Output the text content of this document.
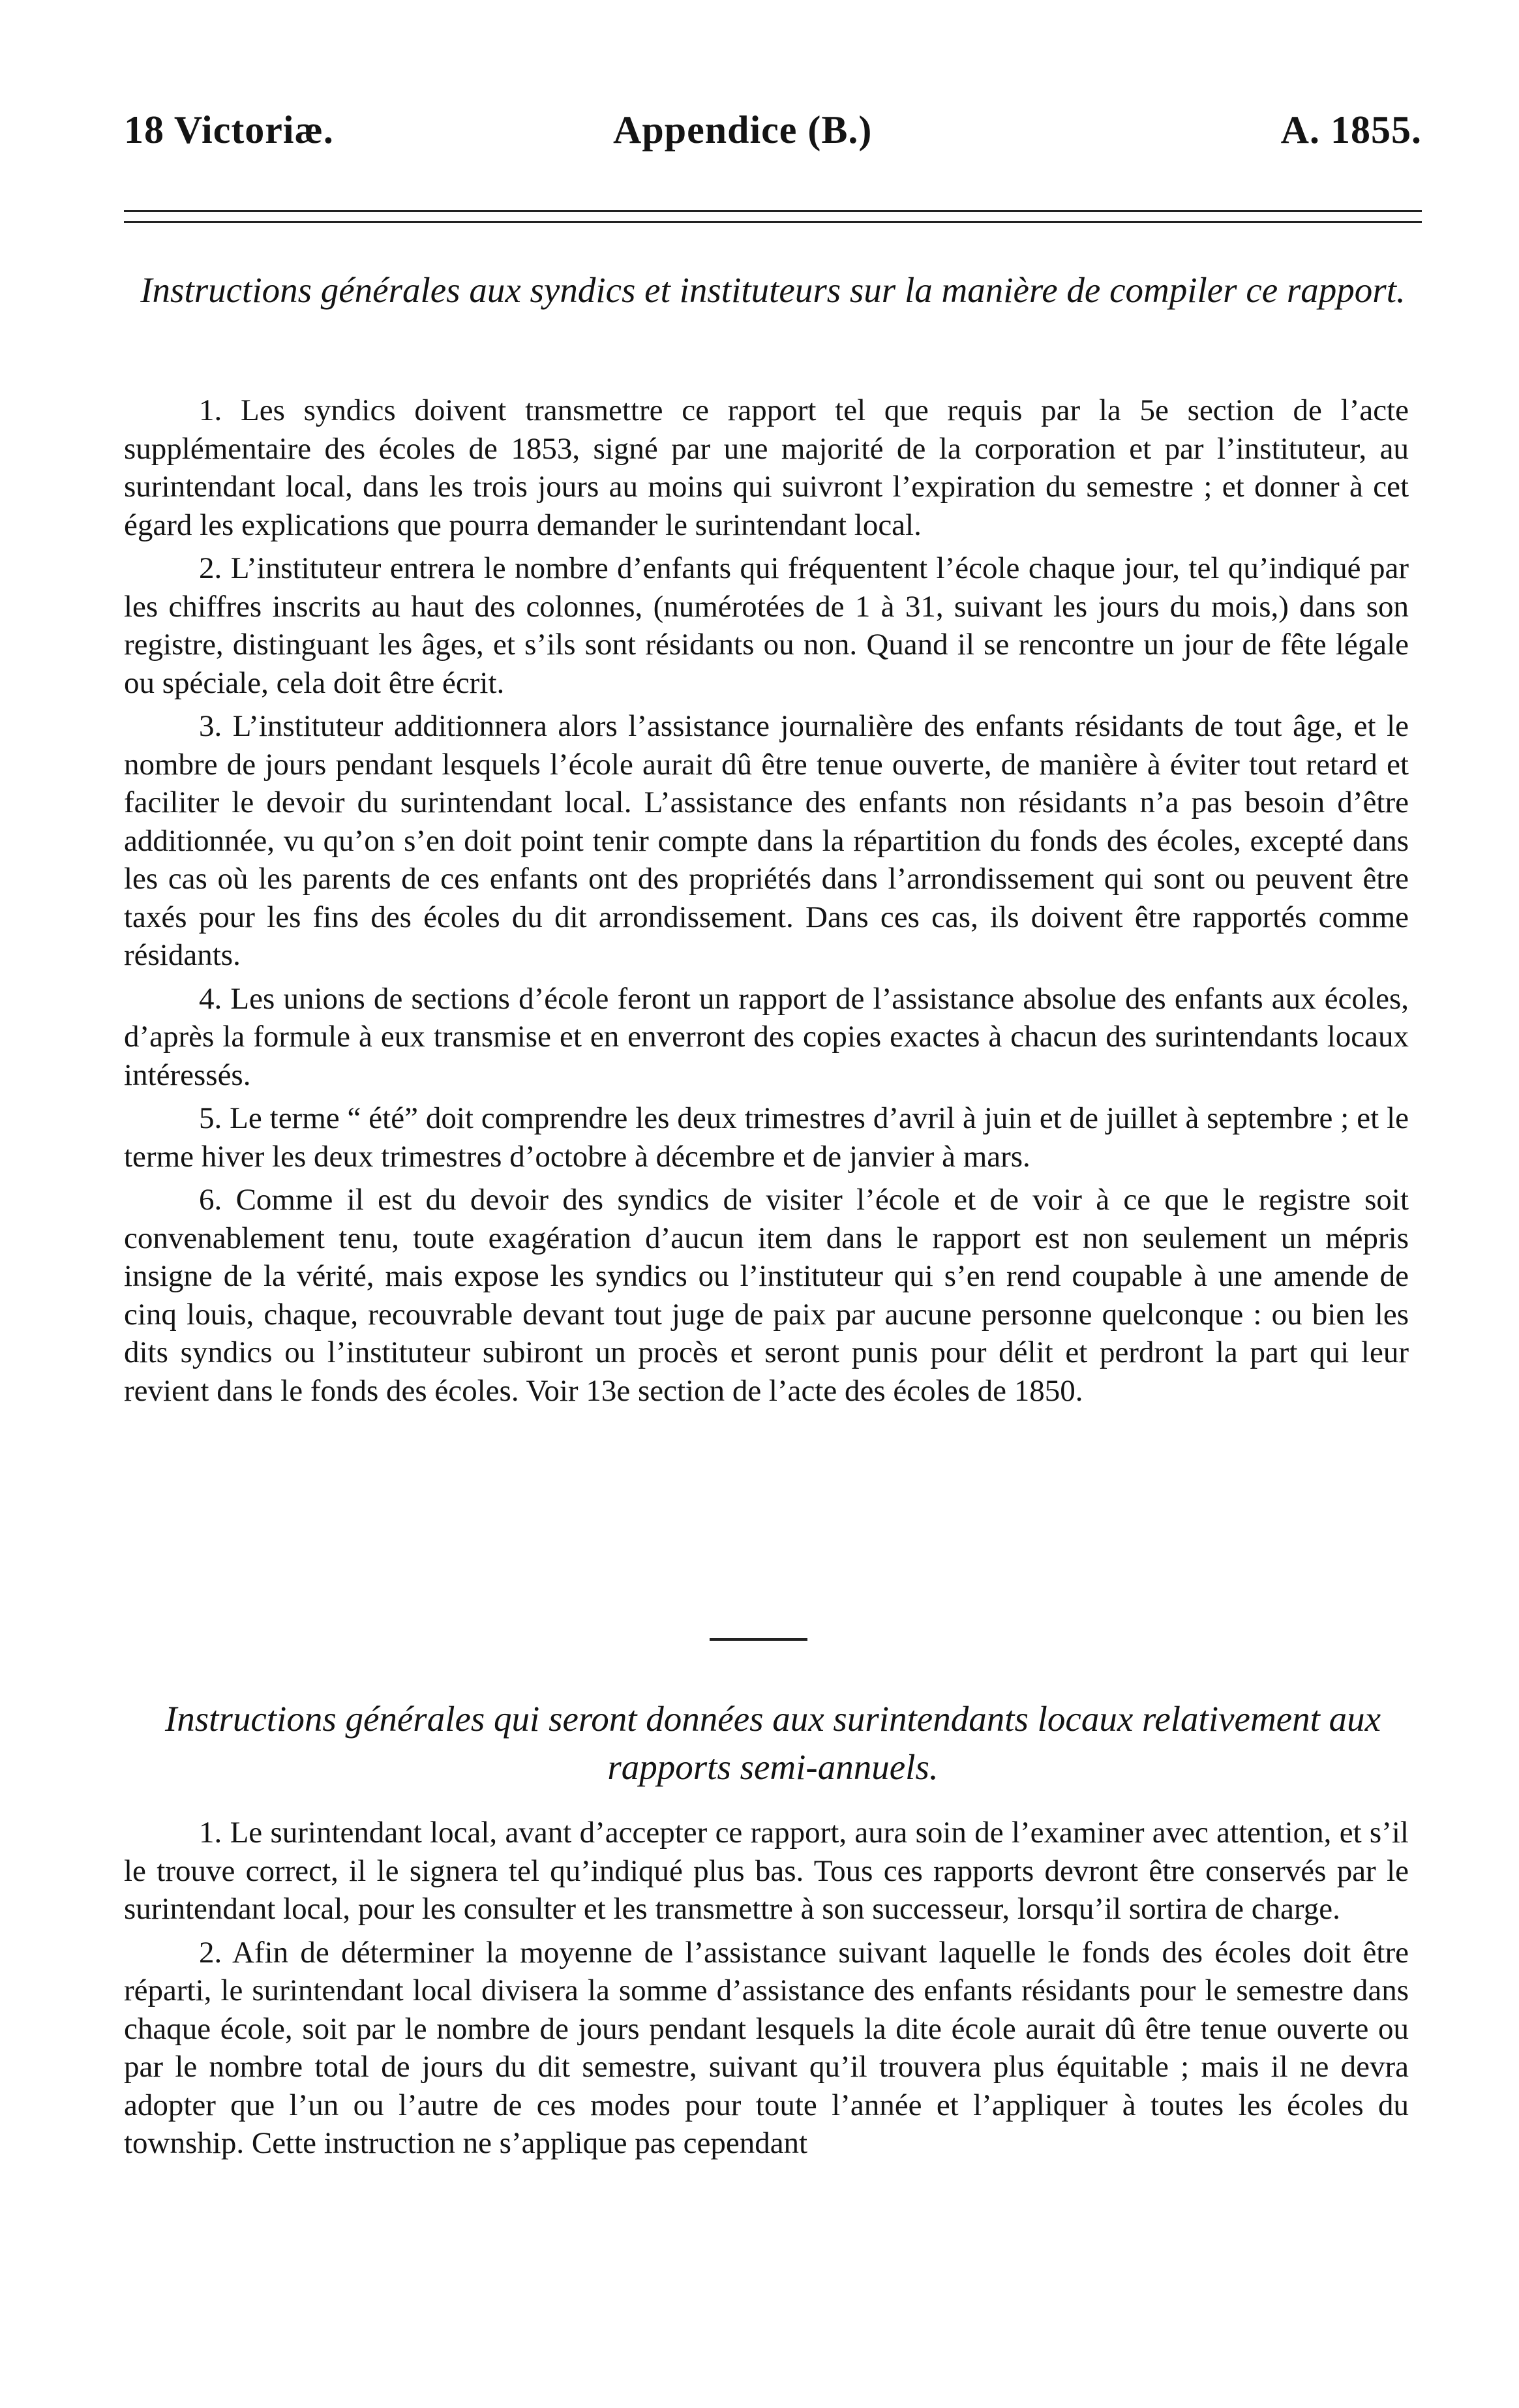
18 Victoriæ.	Appendice (B.)	A. 1855.
Instructions générales aux syndics et instituteurs sur la manière de compiler ce rapport.

1. Les syndics doivent transmettre ce rapport tel que requis par la 5e section de l’acte supplémentaire des écoles de 1853, signé par une majorité de la corporation et par l’instituteur, au surintendant local, dans les trois jours au moins qui suivront l’expiration du semestre ; et donner à cet égard les explications que pourra demander le surintendant local.

2. L’instituteur entrera le nombre d’enfants qui fréquentent l’école chaque jour, tel qu’indiqué par les chiffres inscrits au haut des colonnes, (numérotées de 1 à 31, suivant les jours du mois,) dans son registre, distinguant les âges, et s’ils sont résidants ou non. Quand il se rencontre un jour de fête légale ou spéciale, cela doit être écrit.

3. L’instituteur additionnera alors l’assistance journalière des enfants résidants de tout âge, et le nombre de jours pendant lesquels l’école aurait dû être tenue ouverte, de manière à éviter tout retard et faciliter le devoir du surintendant local. L’assistance des enfants non résidants n’a pas besoin d’être additionnée, vu qu’on s’en doit point tenir compte dans la répartition du fonds des écoles, excepté dans les cas où les parents de ces enfants ont des propriétés dans l’arrondissement qui sont ou peuvent être taxés pour les fins des écoles du dit arrondissement. Dans ces cas, ils doivent être rapportés comme résidants.

4. Les unions de sections d’école feront un rapport de l’assistance absolue des enfants aux écoles, d’après la formule à eux transmise et en enverront des copies exactes à chacun des surintendants locaux intéressés.

5. Le terme “ été” doit comprendre les deux trimestres d’avril à juin et de juillet à septembre ; et le terme hiver les deux trimestres d’octobre à décembre et de janvier à mars.

6. Comme il est du devoir des syndics de visiter l’école et de voir à ce que le registre soit convenablement tenu, toute exagération d’aucun item dans le rapport est non seulement un mépris insigne de la vérité, mais expose les syndics ou l’instituteur qui s’en rend coupable à une amende de cinq louis, chaque, recouvrable devant tout juge de paix par aucune personne quelconque : ou bien les dits syndics ou l’instituteur subiront un procès et seront punis pour délit et perdront la part qui leur revient dans le fonds des écoles. Voir 13e section de l’acte des écoles de 1850.

Instructions générales qui seront données aux surintendants locaux relativement aux rapports semi-annuels.

1. Le surintendant local, avant d’accepter ce rapport, aura soin de l’examiner avec attention, et s’il le trouve correct, il le signera tel qu’indiqué plus bas. Tous ces rapports devront être conservés par le surintendant local, pour les consulter et les transmettre à son successeur, lorsqu’il sortira de charge.

2. Afin de déterminer la moyenne de l’assistance suivant laquelle le fonds des écoles doit être réparti, le surintendant local divisera la somme d’assistance des enfants résidants pour le semestre dans chaque école, soit par le nombre de jours pendant lesquels la dite école aurait dû être tenue ouverte ou par le nombre total de jours du dit semestre, suivant qu’il trouvera plus équitable ; mais il ne devra adopter que l’un ou l’autre de ces modes pour toute l’année et l’appliquer à toutes les écoles du township. Cette instruction ne s’applique pas cependant
